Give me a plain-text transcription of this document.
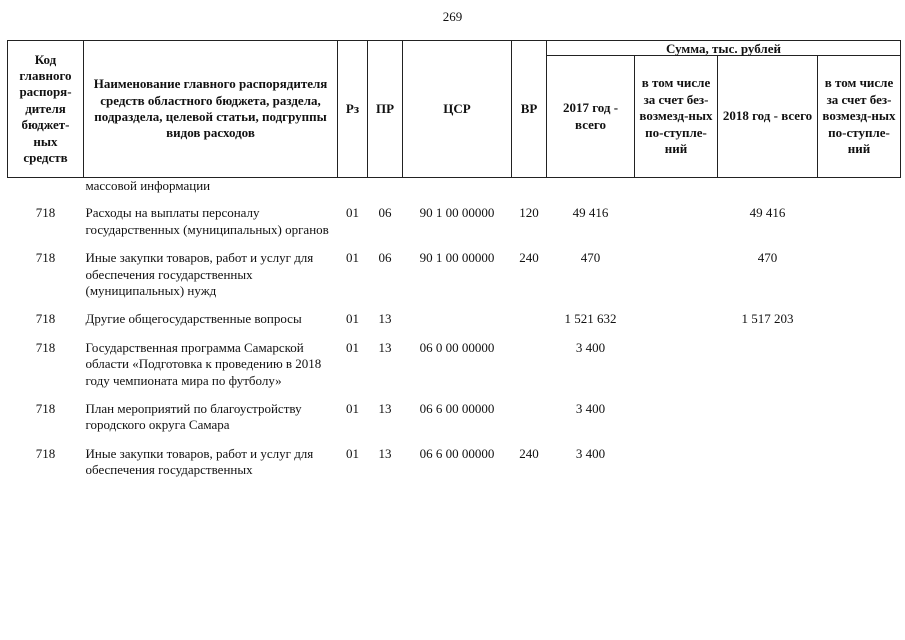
269
Код главного распоря-дителя бюджет-ных средств	Наименование главного распорядителя средств областного бюджета, раздела, подраздела, целевой статьи, подгруппы видов расходов	Рз	ПР	ЦСР	ВР	Сумма, тыс. рублей			
						2017 год - всего	в том числе за счет без-возмезд-ных по-ступле-ний	2018 год - всего	в том числе за счет без-возмезд-ных по-ступле-ний
	массовой информации								
718	Расходы на выплаты персоналу государственных (муниципальных) органов	01	06	90 1 00 00000	120	49 416		49 416	
718	Иные закупки товаров, работ и услуг для обеспечения государственных (муниципальных) нужд	01	06	90 1 00 00000	240	470		470	
718	Другие общегосударственные вопросы	01	13			1 521 632		1 517 203	
718	Государственная программа Самарской области «Подготовка к проведению в 2018 году чемпионата мира по футболу»	01	13	06 0 00 00000		3 400			
718	План мероприятий по благоустройству городского округа Самара	01	13	06 6 00 00000		3 400			
718	Иные закупки товаров, работ и услуг для обеспечения государственных	01	13	06 6 00 00000	240	3 400			
